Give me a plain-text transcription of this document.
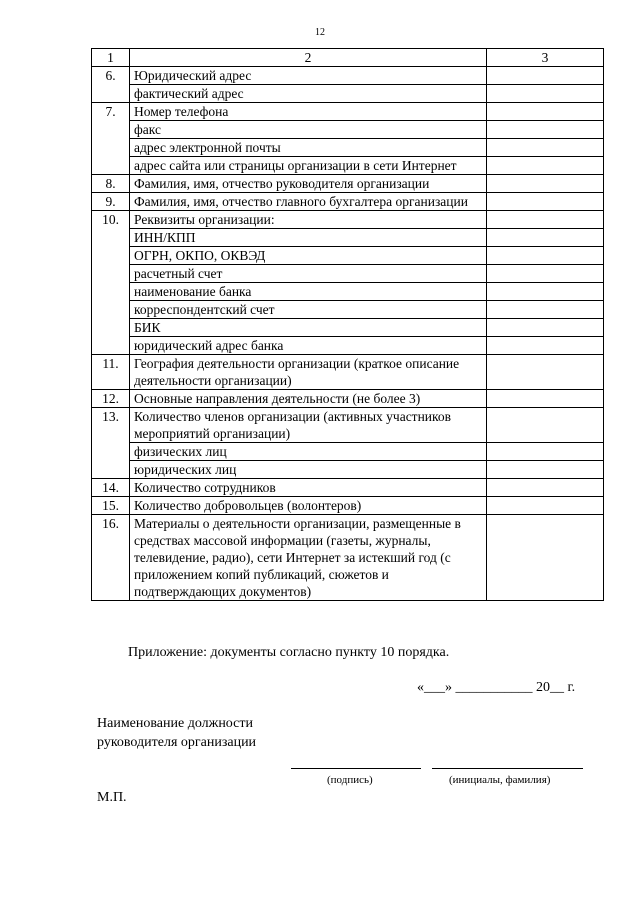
12
1	2	3
6.	Юридический адрес	
	фактический адрес	
7.	Номер телефона	
	факс	
	адрес электронной почты	
	адрес сайта или страницы организации в сети Интернет	
8.	Фамилия, имя, отчество руководителя организации	
9.	Фамилия, имя, отчество главного бухгалтера организации	
10.	Реквизиты организации:	
	ИНН/КПП	
	ОГРН, ОКПО, ОКВЭД	
	расчетный счет	
	наименование банка	
	корреспондентский счет	
	БИК	
	юридический адрес банка	
11.	География деятельности организации (краткое описание деятельности организации)	
12.	Основные направления деятельности (не более 3)	
13.	Количество членов организации (активных участников мероприятий организации)	
	физических лиц	
	юридических лиц	
14.	Количество сотрудников	
15.	Количество добровольцев (волонтеров)	
16.	Материалы о деятельности организации, размещенные в средствах массовой информации (газеты, журналы, телевидение, радио), сети Интернет за истекший год (с приложением копий публикаций, сюжетов и подтверждающих документов)	
Приложение: документы согласно пункту 10 порядка.
«___» ___________ 20__ г.
Наименование должности
руководителя организации
(подпись)	(инициалы, фамилия)
М.П.
